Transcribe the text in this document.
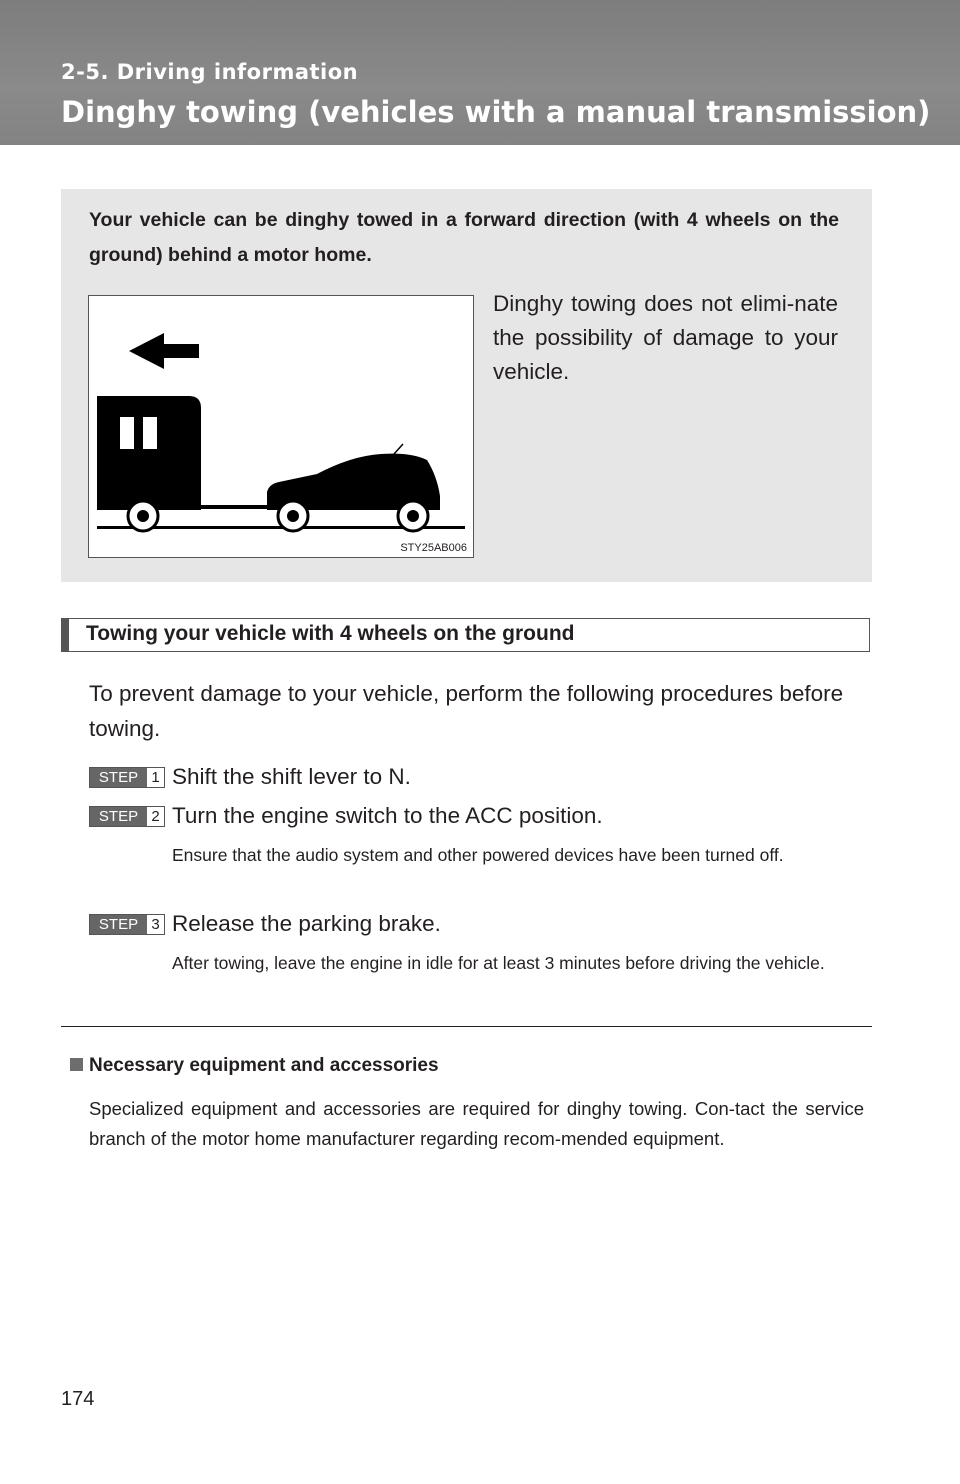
2-5. Driving information
Dinghy towing (vehicles with a manual transmission)
Your vehicle can be dinghy towed in a forward direction (with 4 wheels on the ground) behind a motor home.
STY25AB006
Dinghy towing does not elimi-nate the possibility of damage to your vehicle.
Towing your vehicle with 4 wheels on the ground
To prevent damage to your vehicle, perform the following procedures before towing.
STEP 1 Shift the shift lever to N.
STEP 2 Turn the engine switch to the ACC position.
Ensure that the audio system and other powered devices have been turned off.
STEP 3 Release the parking brake.
After towing, leave the engine in idle for at least 3 minutes before driving the vehicle.
Necessary equipment and accessories
Specialized equipment and accessories are required for dinghy towing. Con-tact the service branch of the motor home manufacturer regarding recom-mended equipment.
174
